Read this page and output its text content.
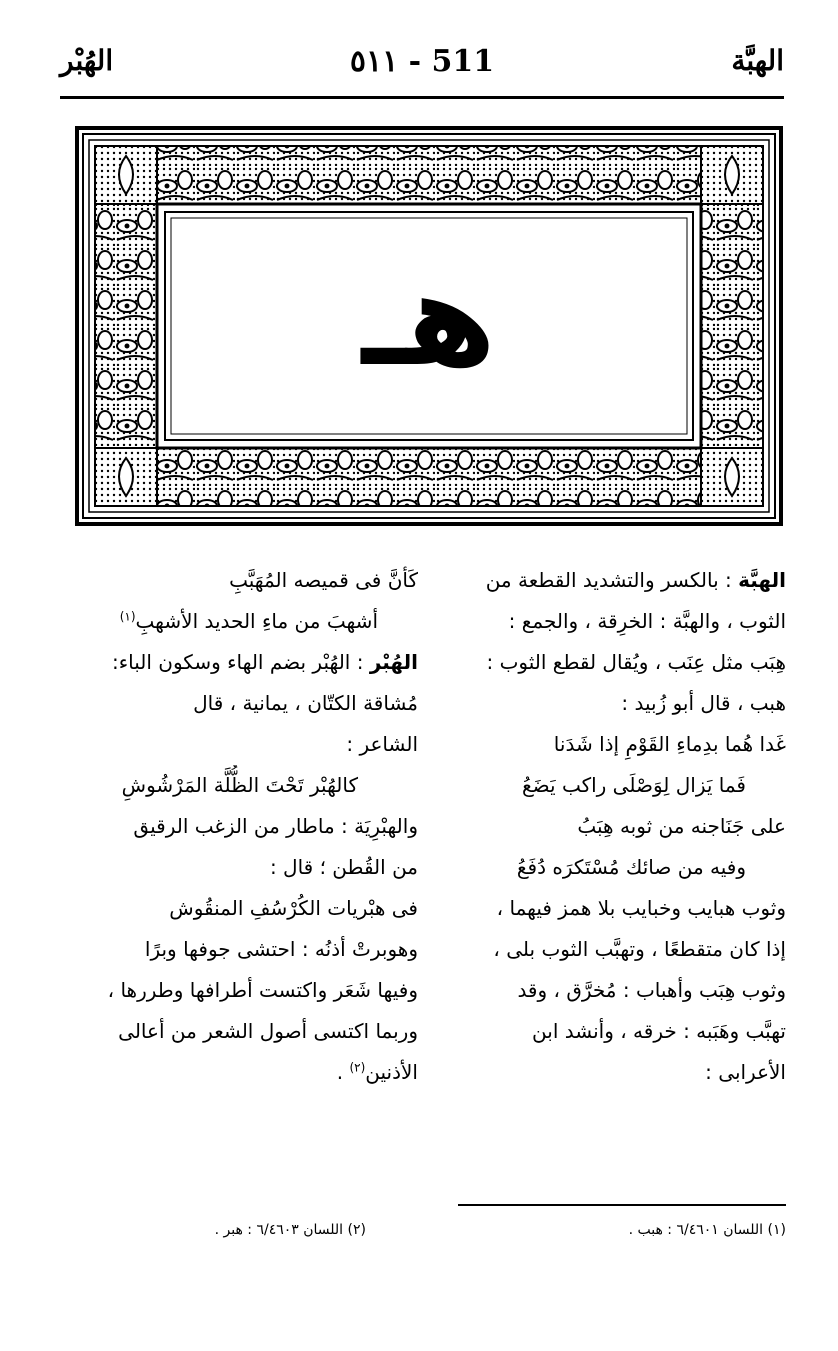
الهبَّة
٥١١ - 511
الهُبْر
هـ
الهبَّة : بالكسر والتشديد القطعة من
الثوب ، والهبَّة : الخرِقة ، والجمع :
هِبَب مثل عِنَب ، ويُقال لقطع الثوب :
هبب ، قال أبو زُبيد :
غَدا هُما بدِماءِ القَوْمِ إذا شَدَنا
فَما يَزال لِوَصْلَى راكب يَضَعُ
على جَنَاجنه من ثوبه هِبَبُ
وفيه من صائك مُسْتَكرَه دُفَعُ
وثوب هبايب وخبايب بلا همز فيهما ،
إذا كان متقطعًا ، وتهبَّب الثوب بلى ،
وثوب هِبَب وأهباب : مُخرَّق ، وقد
تهبَّب وهَبَبه : خرقه ، وأنشد ابن
الأعرابى :
كَأنَّ فى قميصه المُهَبَّبِ
أشهبَ من ماءِ الحديد الأشهبِ$^{(١)}$
الهُبْر : الهُبْر بضم الهاء وسكون الباء:
مُشاقة الكتّان ، يمانية ، قال
الشاعر :
كالهُبْر تَحْتَ الظُّلَّة المَرْشُوشِ
والهبْرِيَة : ماطار من الزغب الرقيق
من القُطن ؛ قال :
فى هبْريات الكُرْسُفِ المنقُوش
وهوبرتْ أذنُه : احتشى جوفها وبرًا
وفيها شَعَر واكتست أطرافها وطررها ،
وربما اكتسى أصول الشعر من أعالى
الأذنين$^{(٢)}$ .
(١) اللسان ٦/٤٦٠١ : هبب .
(٢) اللسان ٦/٤٦٠٣ : هبر .
